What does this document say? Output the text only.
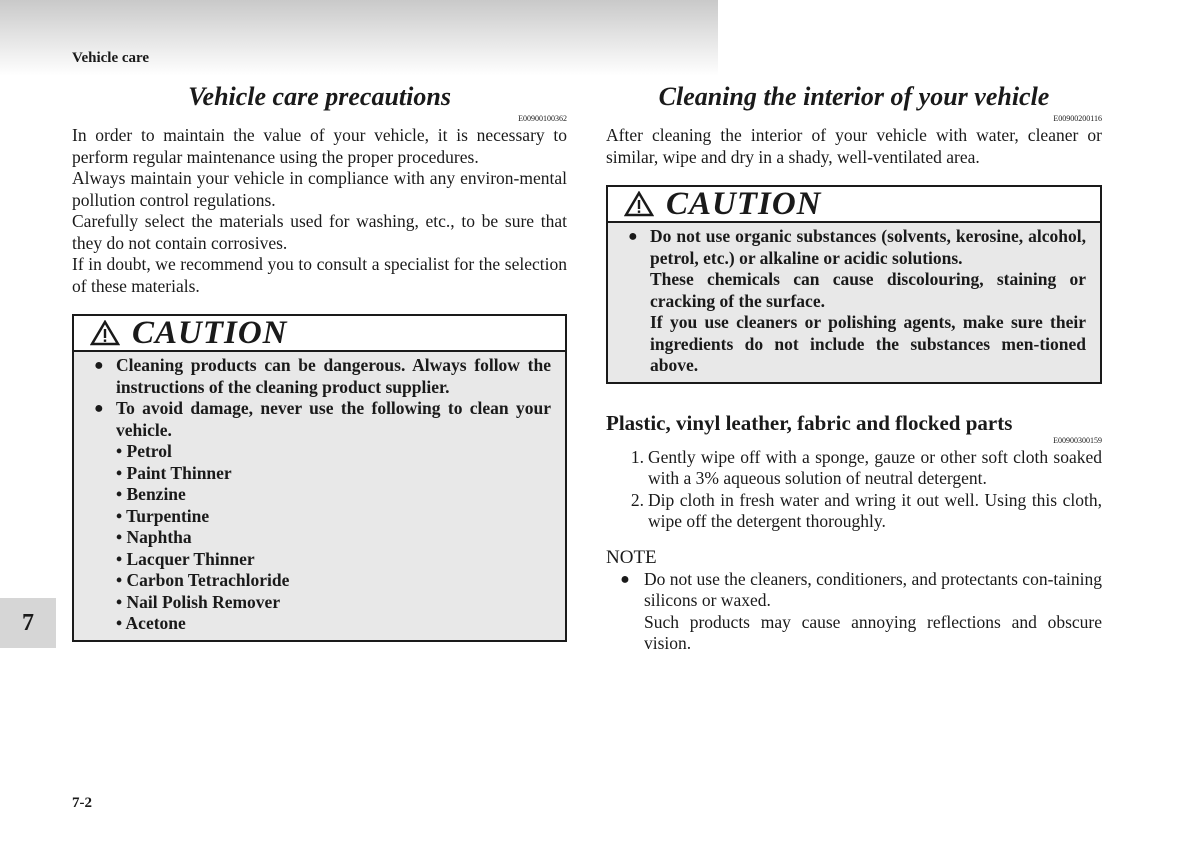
Vehicle care
7
7-2
Vehicle care precautions
E00900100362

In order to maintain the value of your vehicle, it is necessary to perform regular maintenance using the proper procedures.

Always maintain your vehicle in compliance with any environ-mental pollution control regulations.

Carefully select the materials used for washing, etc., to be sure that they do not contain corrosives.

If in doubt, we recommend you to consult a specialist for the selection of these materials.

CAUTION
● Cleaning products can be dangerous. Always follow the instructions of the cleaning product supplier.
● To avoid damage, never use the following to clean your vehicle.
• Petrol
• Paint Thinner
• Benzine
• Turpentine
• Naphtha
• Lacquer Thinner
• Carbon Tetrachloride
• Nail Polish Remover
• Acetone
Cleaning the interior of your vehicle
E00900200116

After cleaning the interior of your vehicle with water, cleaner or similar, wipe and dry in a shady, well-ventilated area.

CAUTION
● Do not use organic substances (solvents, kerosine, alcohol, petrol, etc.) or alkaline or acidic solutions.
These chemicals can cause discolouring, staining or cracking of the surface.
If you use cleaners or polishing agents, make sure their ingredients do not include the substances men-tioned above.
Plastic, vinyl leather, fabric and flocked parts
E00900300159
1. Gently wipe off with a sponge, gauze or other soft cloth soaked with a 3% aqueous solution of neutral detergent.
2. Dip cloth in fresh water and wring it out well. Using this cloth, wipe off the detergent thoroughly.
NOTE
● Do not use the cleaners, conditioners, and protectants con-taining silicons or waxed.
Such products may cause annoying reflections and obscure vision.
